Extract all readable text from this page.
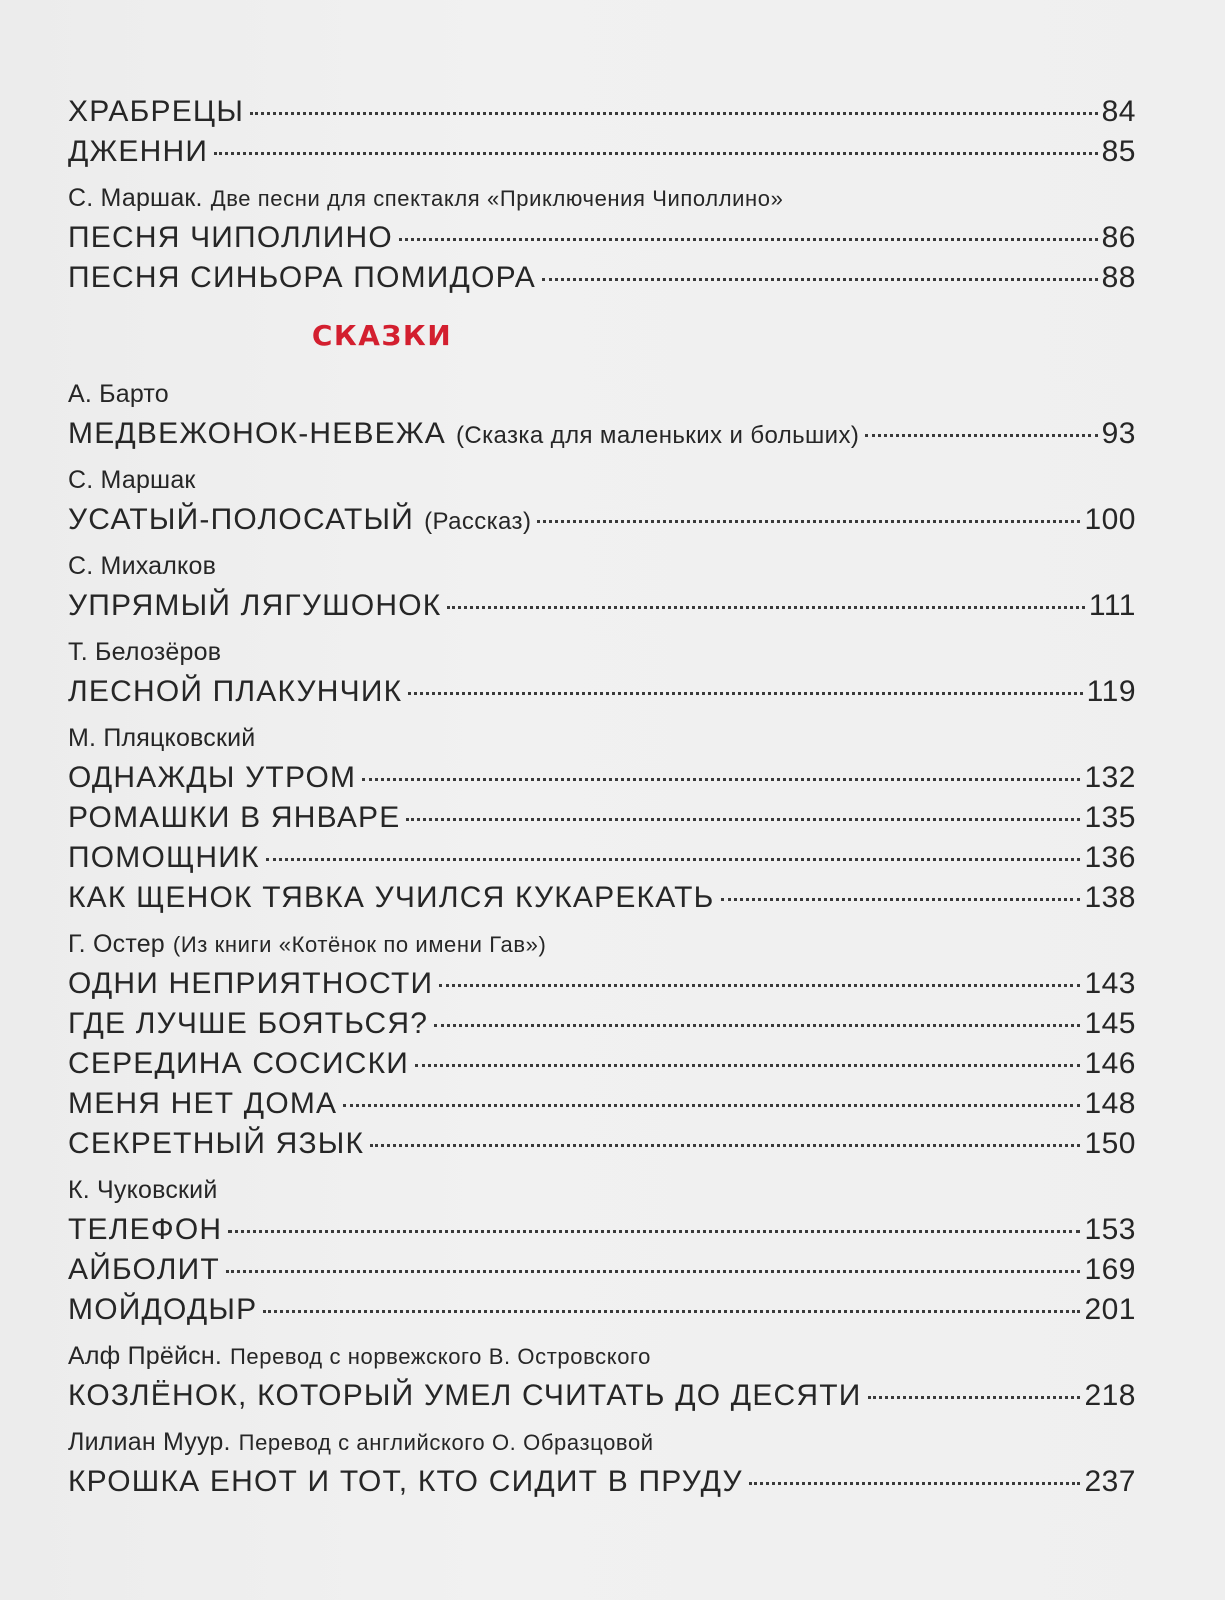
ХРАБРЕЦЫ	84
ДЖЕННИ	85
С. Маршак. Две песни для спектакля «Приключения Чиполлино»
ПЕСНЯ ЧИПОЛЛИНО	86
ПЕСНЯ СИНЬОРА ПОМИДОРА	88
СКАЗКИ
А. Барто
МЕДВЕЖОНОК-НЕВЕЖА (Сказка для маленьких и больших)	93
С. Маршак
УСАТЫЙ-ПОЛОСАТЫЙ (Рассказ)	100
С. Михалков
УПРЯМЫЙ ЛЯГУШОНОК	111
Т. Белозёров
ЛЕСНОЙ ПЛАКУНЧИК	119
М. Пляцковский
ОДНАЖДЫ УТРОМ	132
РОМАШКИ В ЯНВАРЕ	135
ПОМОЩНИК	136
КАК ЩЕНОК ТЯВКА УЧИЛСЯ КУКАРЕКАТЬ	138
Г. Остер (Из книги «Котёнок по имени Гав»)
ОДНИ НЕПРИЯТНОСТИ	143
ГДЕ ЛУЧШЕ БОЯТЬСЯ?	145
СЕРЕДИНА СОСИСКИ	146
МЕНЯ НЕТ ДОМА	148
СЕКРЕТНЫЙ ЯЗЫК	150
К. Чуковский
ТЕЛЕФОН	153
АЙБОЛИТ	169
МОЙДОДЫР	201
Алф Прёйсн. Перевод с норвежского В. Островского
КОЗЛЁНОК, КОТОРЫЙ УМЕЛ СЧИТАТЬ ДО ДЕСЯТИ	218
Лилиан Муур. Перевод с английского О. Образцовой
КРОШКА ЕНОТ И ТОТ, КТО СИДИТ В ПРУДУ	237
